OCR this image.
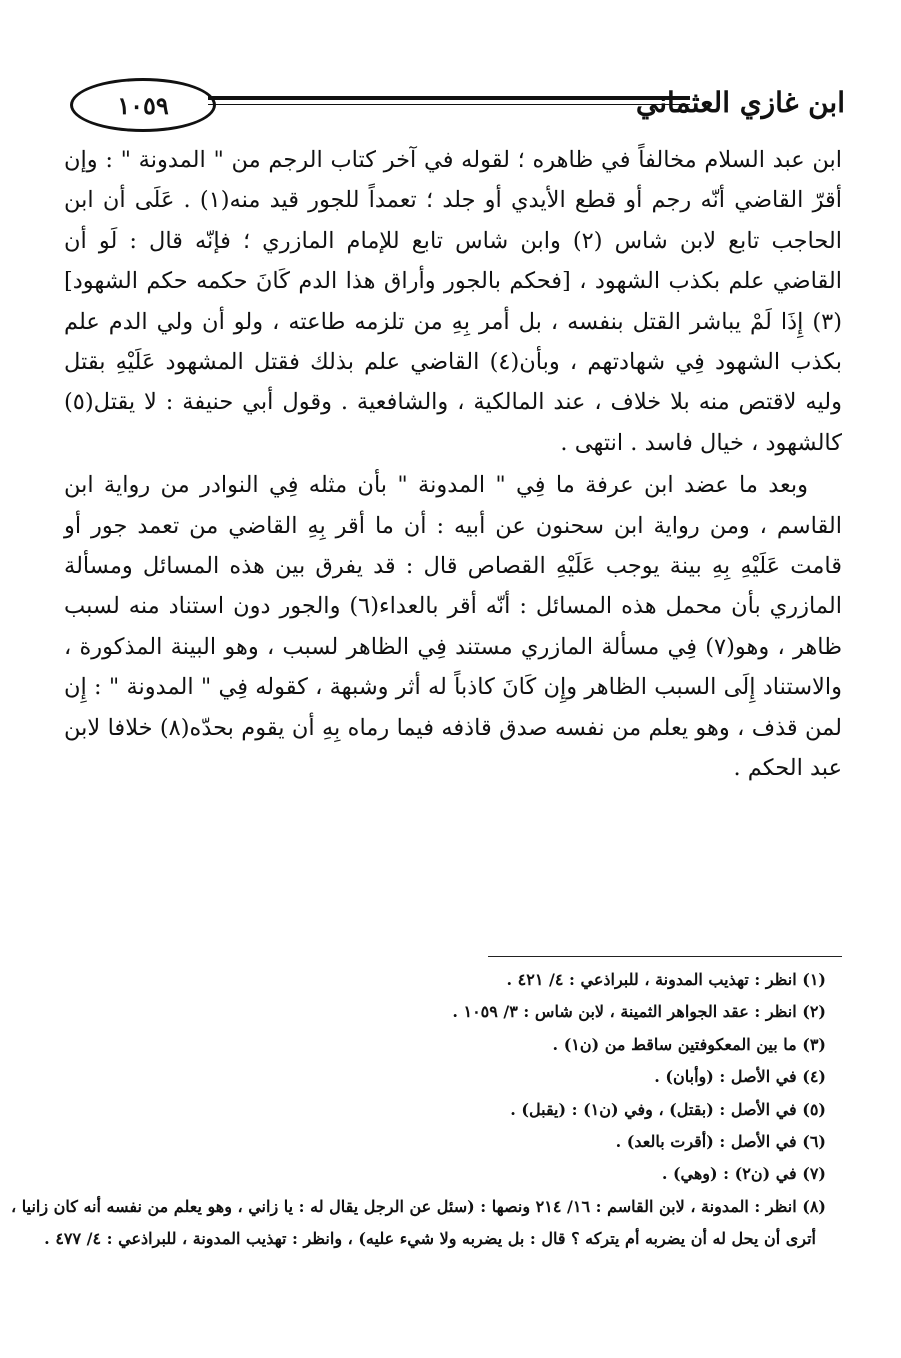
١٠٥٩	ابن غازي العثماني

ابن عبد السلام مخالفاً في ظاهره ؛ لقوله في آخر كتاب الرجم من " المدونة " : وإن أقرّ القاضي أنّه رجم أو قطع الأيدي أو جلد ؛ تعمداً للجور قيد منه(١) . عَلَى أن ابن الحاجب تابع لابن شاس (٢) وابن شاس تابع للإمام المازري ؛ فإنّه قال : لَو أن القاضي علم بكذب الشهود ، [فحكم بالجور وأراق هذا الدم كَانَ حكمه حكم الشهود](٣) إِذَا لَمْ يباشر القتل بنفسه ، بل أمر بِهِ من تلزمه طاعته ، ولو أن ولي الدم علم بكذب الشهود فِي شهادتهم ، وبأن(٤) القاضي علم بذلك فقتل المشهود عَلَيْهِ بقتل وليه لاقتص منه بلا خلاف ، عند المالكية ، والشافعية . وقول أبي حنيفة : لا يقتل(٥) كالشهود ، خيال فاسد . انتهى .

وبعد ما عضد ابن عرفة ما فِي " المدونة " بأن مثله فِي النوادر من رواية ابن القاسم ، ومن رواية ابن سحنون عن أبيه : أن ما أقر بِهِ القاضي من تعمد جور أو قامت عَلَيْهِ بِهِ بينة يوجب عَلَيْهِ القصاص قال : قد يفرق بين هذه المسائل ومسألة المازري بأن محمل هذه المسائل : أنّه أقر بالعداء(٦) والجور دون استناد منه لسبب ظاهر ، وهو(٧) فِي مسألة المازري مستند فِي الظاهر لسبب ، وهو البينة المذكورة ، والاستناد إِلَى السبب الظاهر وإِن كَانَ كاذباً له أثر وشبهة ، كقوله فِي " المدونة " : إِن لمن قذف ، وهو يعلم من نفسه صدق قاذفه فيما رماه بِهِ أن يقوم بحدّه(٨) خلافا لابن عبد الحكم .

(١) انظر : تهذيب المدونة ، للبراذعي : ٤/ ٤٢١ .
(٢) انظر : عقد الجواهر الثمينة ، لابن شاس : ٣/ ١٠٥٩ .
(٣) ما بين المعكوفتين ساقط من (ن١) .
(٤) في الأصل : (وأبان) .
(٥) في الأصل : (بقتل) ، وفي (ن١) : (يقبل) .
(٦) في الأصل : (أقرت بالعد) .
(٧) في (ن٢) : (وهي) .
(٨) انظر : المدونة ، لابن القاسم : ١٦/ ٢١٤ ونصها : (سئل عن الرجل يقال له : يا زاني ، وهو يعلم من نفسه أنه كان زانيا ،
أترى أن يحل له أن يضربه أم يتركه ؟ قال : بل يضربه ولا شيء عليه) ، وانظر : تهذيب المدونة ، للبراذعي : ٤/ ٤٧٧ .
